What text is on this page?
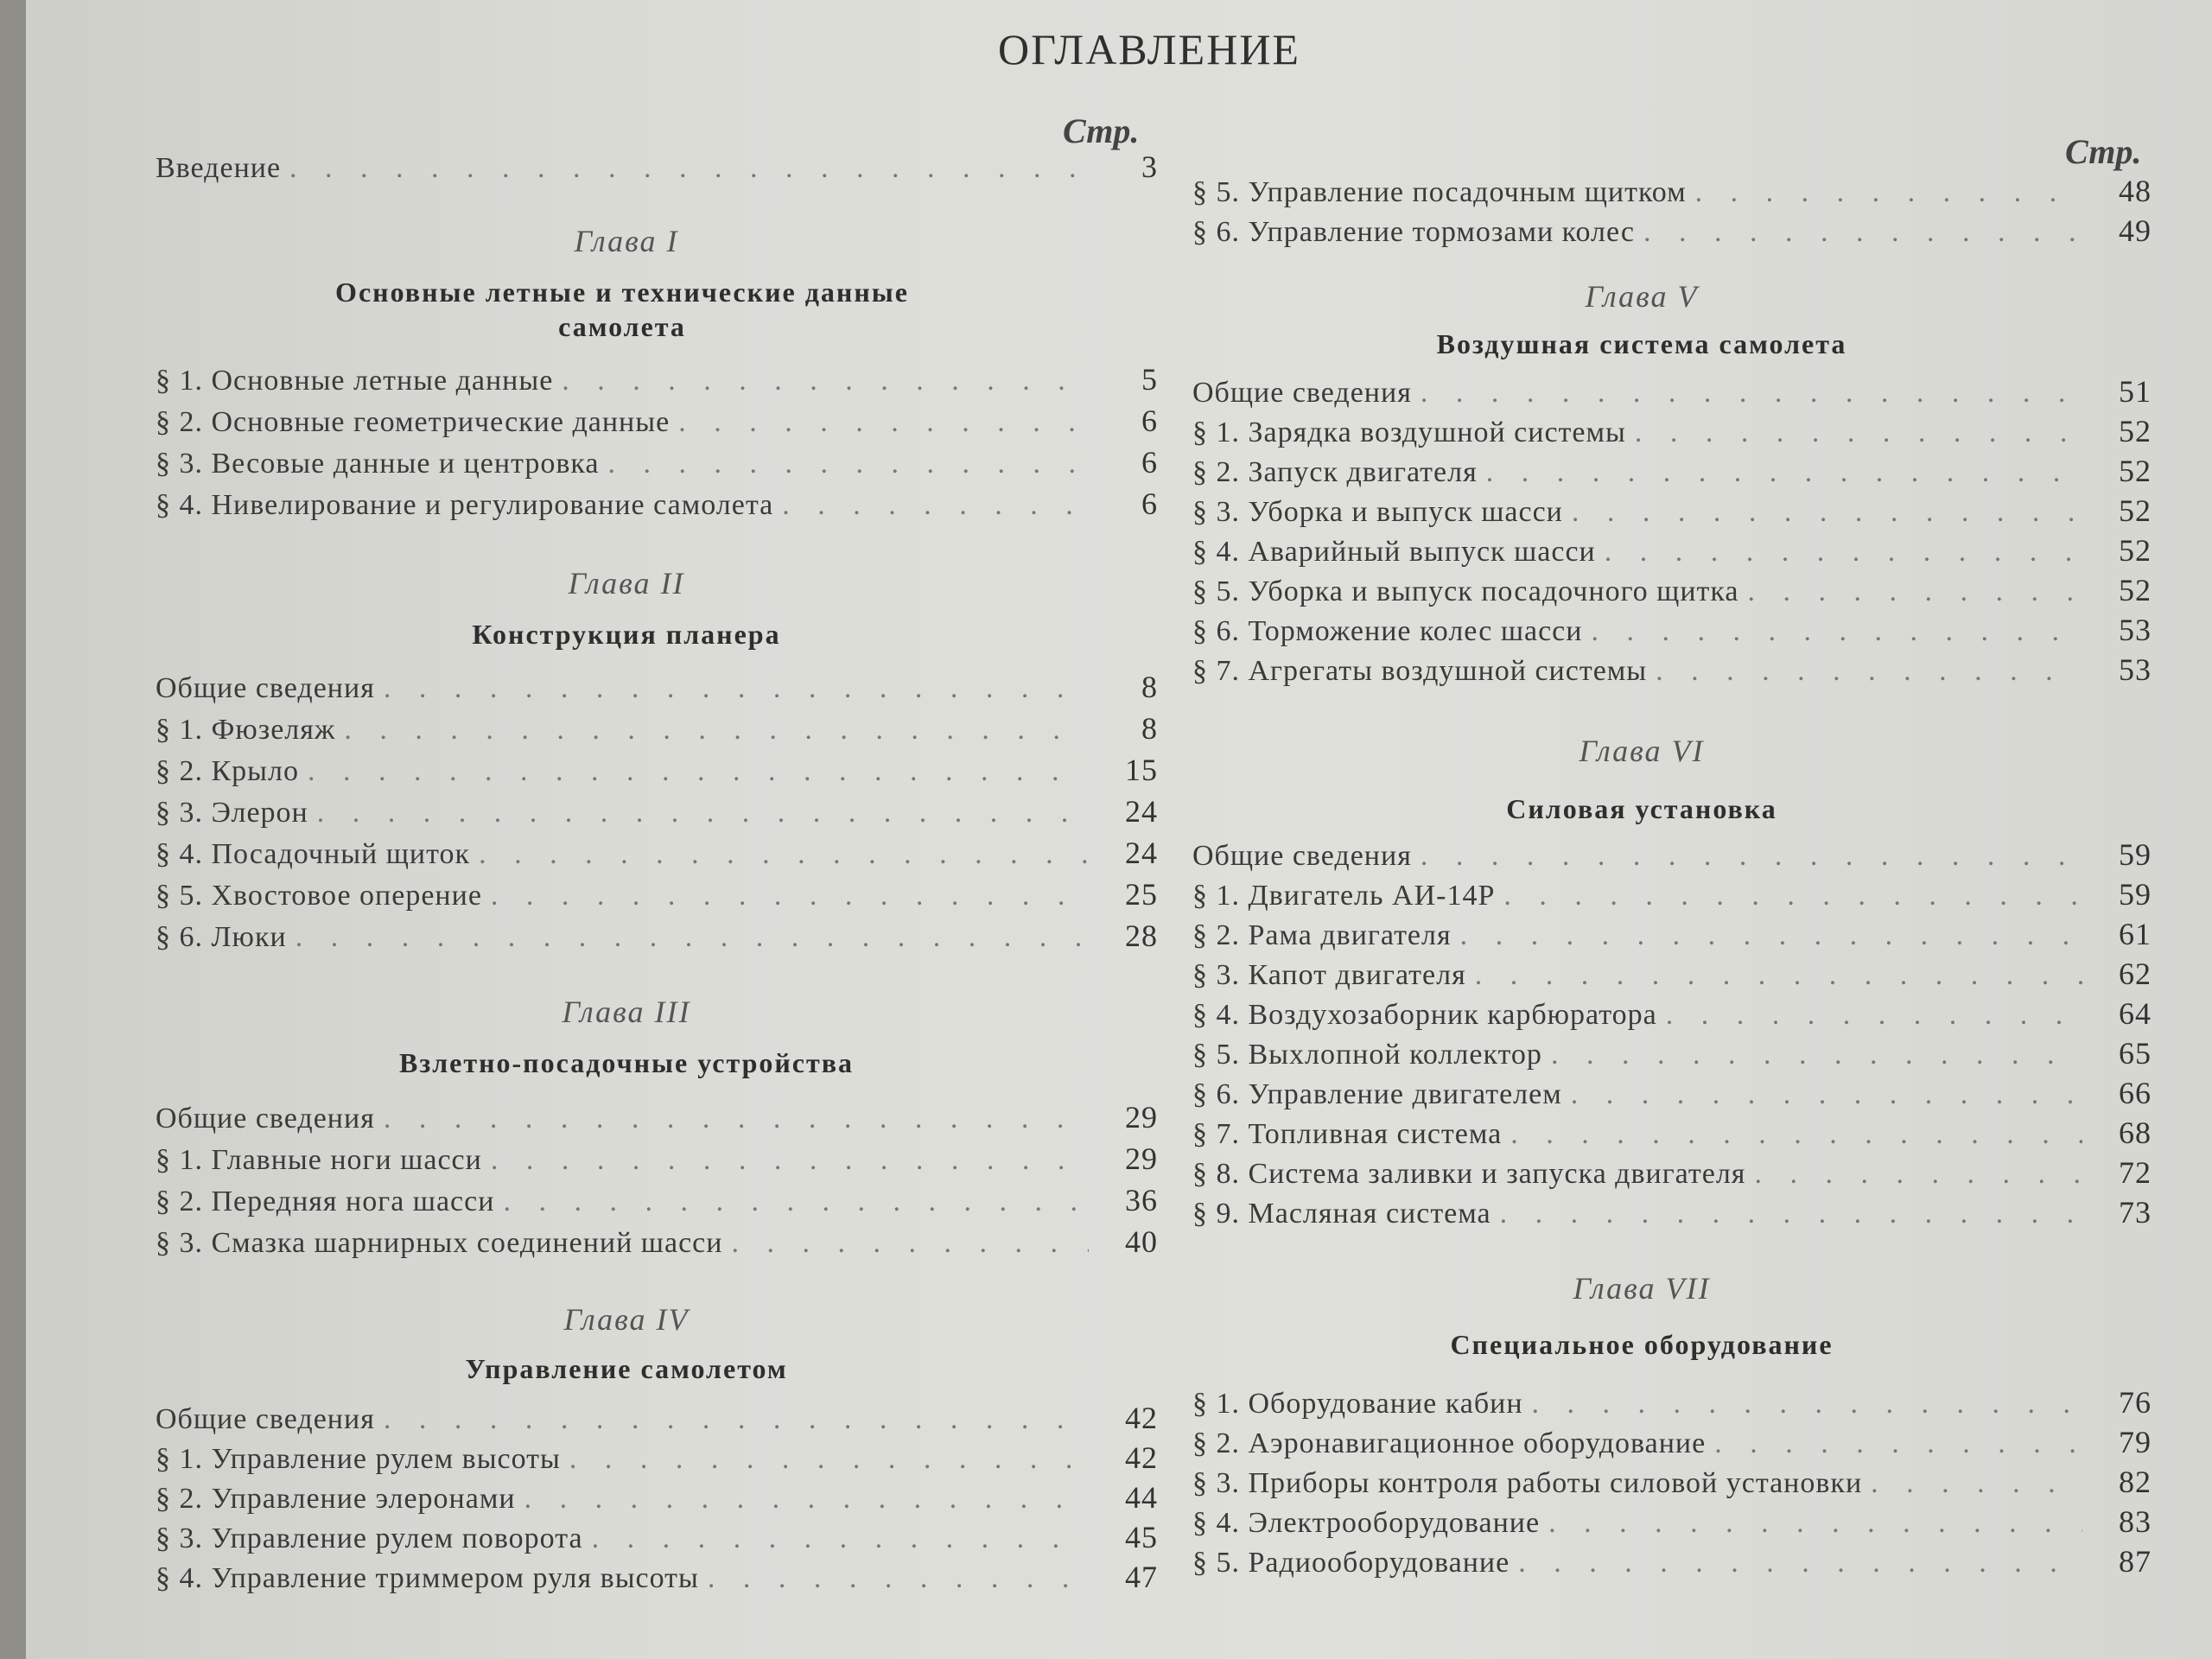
ОГЛАВЛЕНИЕ
Стр.
Введение . . .	3
Глава I
Основные летные и технические данные самолета
§ 1. Основные летные данные . . .	5
§ 2. Основные геометрические данные . . .	6
§ 3. Весовые данные и центровка . . .	6
§ 4. Нивелирование и регулирование самолета . . .	6
Глава II
Конструкция планера
Общие сведения . . .	8
§ 1. Фюзеляж . . .	8
§ 2. Крыло . . .	15
§ 3. Элерон . . .	24
§ 4. Посадочный щиток . . .	24
§ 5. Хвостовое оперение . . .	25
§ 6. Люки . . .	28
Глава III
Взлетно-посадочные устройства
Общие сведения . . .	29
§ 1. Главные ноги шасси . . .	29
§ 2. Передняя нога шасси . . .	36
§ 3. Смазка шарнирных соединений шасси . . .	40
Глава IV
Управление самолетом
Общие сведения . . .	42
§ 1. Управление рулем высоты . . .	42
§ 2. Управление элеронами . . .	44
§ 3. Управление рулем поворота . . .	45
§ 4. Управление триммером руля высоты . . .	47
Стр.
§ 5. Управление посадочным щитком . . .	48
§ 6. Управление тормозами колес . . .	49
Глава V
Воздушная система самолета
Общие сведения . . .	51
§ 1. Зарядка воздушной системы . . .	52
§ 2. Запуск двигателя . . .	52
§ 3. Уборка и выпуск шасси . . .	52
§ 4. Аварийный выпуск шасси . . .	52
§ 5. Уборка и выпуск посадочного щитка . . .	52
§ 6. Торможение колес шасси . . .	53
§ 7. Агрегаты воздушной системы . . .	53
Глава VI
Силовая установка
Общие сведения . . .	59
§ 1. Двигатель АИ-14Р . . .	59
§ 2. Рама двигателя . . .	61
§ 3. Капот двигателя . . .	62
§ 4. Воздухозаборник карбюратора . . .	64
§ 5. Выхлопной коллектор . . .	65
§ 6. Управление двигателем . . .	66
§ 7. Топливная система . . .	68
§ 8. Система заливки и запуска двигателя . . .	72
§ 9. Масляная система . . .	73
Глава VII
Специальное оборудование
§ 1. Оборудование кабин . . .	76
§ 2. Аэронавигационное оборудование . . .	79
§ 3. Приборы контроля работы силовой установки . . .	82
§ 4. Электрооборудование . . .	83
§ 5. Радиооборудование . . .	87
